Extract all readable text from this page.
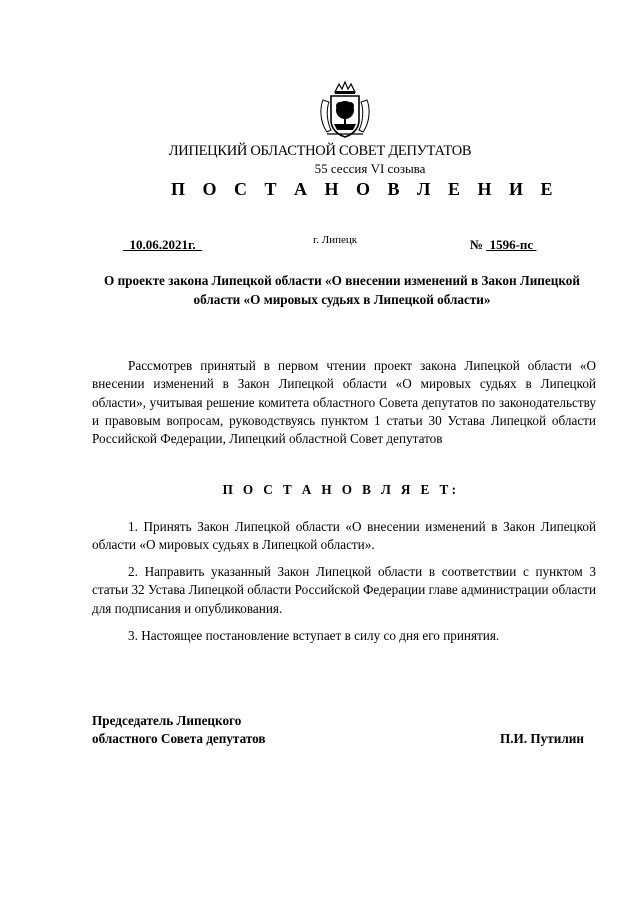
ЛИПЕЦКИЙ ОБЛАСТНОЙ СОВЕТ ДЕПУТАТОВ
55 сессия VI созыва
П О С Т А Н О В Л Е Н И Е
10.06.2021г.	г. Липецк	№  1596-пс
О проекте закона Липецкой области «О внесении изменений в Закон Липецкой области «О мировых судьях в Липецкой области»
Рассмотрев принятый в первом чтении проект закона Липецкой области «О внесении изменений в Закон Липецкой области «О мировых судьях в Липецкой области», учитывая решение комитета областного Совета депутатов по законодательству и правовым вопросам, руководствуясь пунктом 1 статьи 30 Устава Липецкой области Российской Федерации, Липецкий областной Совет депутатов
П О С Т А Н О В Л Я Е Т:
1. Принять Закон Липецкой области «О внесении изменений в Закон Липецкой области «О мировых судьях в Липецкой области».
2. Направить указанный Закон Липецкой области в соответствии с пунктом 3 статьи 32 Устава Липецкой области Российской Федерации главе администрации области для подписания и опубликования.
3. Настоящее постановление вступает в силу со дня его принятия.
Председатель Липецкого
областного Совета депутатов	П.И. Путилин
